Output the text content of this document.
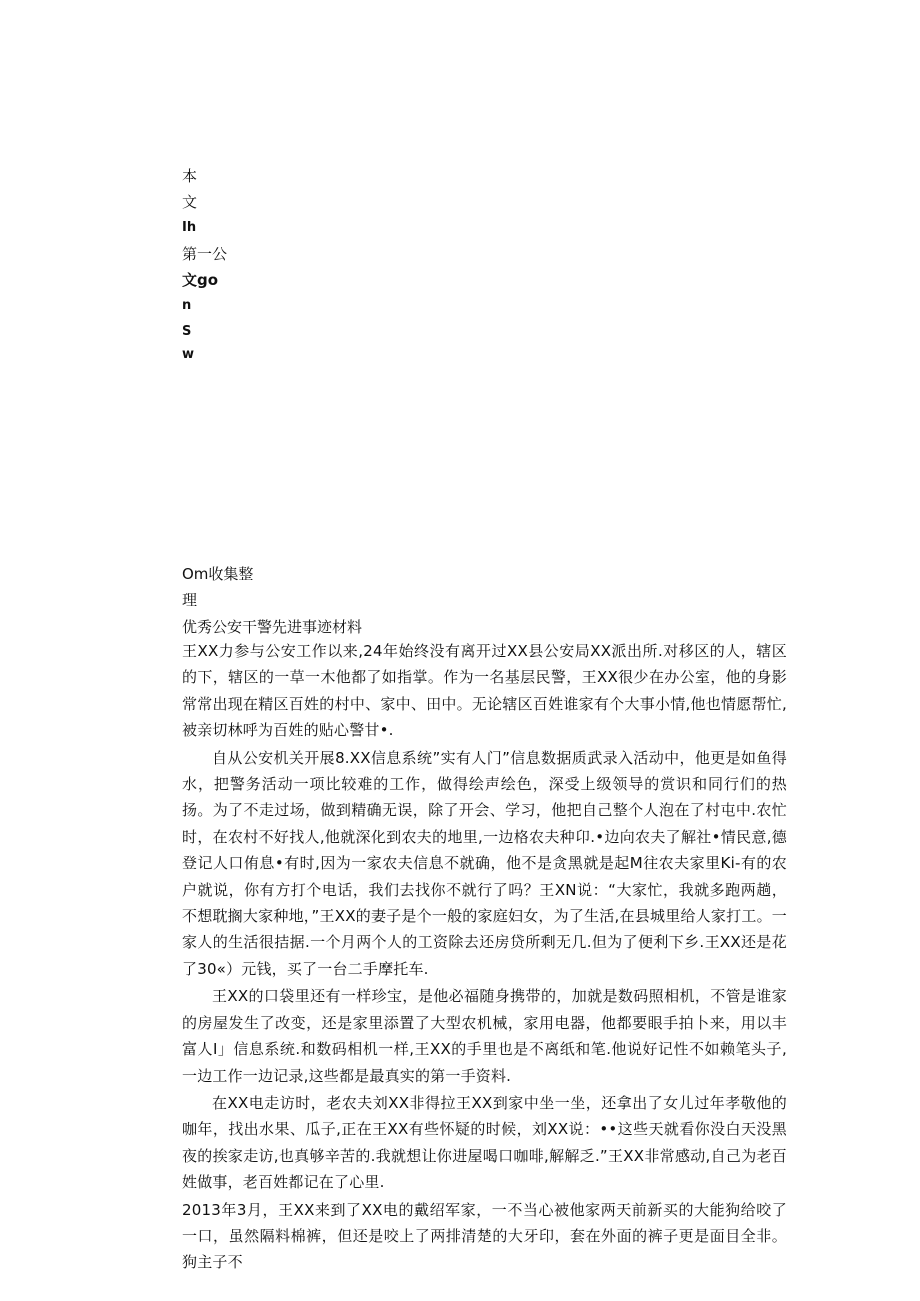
本
文
Ih
第一公
文go
n
S
w
Om收集整
理
优秀公安干警先进事迹材料

王XX力参与公安工作以来,24年始终没有离开过XX县公安局XX派出所.对移区的人，辖区的下，辖区的一草一木他都了如指掌。作为一名基层民警，王XX很少在办公室，他的身影常常出现在精区百姓的村中、家中、田中。无论辖区百姓谁家有个大事小情,他也情愿帮忙,被亲切林呼为百姓的贴心警甘•.

自从公安机关开展8.XX信息系统”实有人门”信息数据质武录入活动中，他更是如鱼得水，把警务活动一项比较难的工作，做得绘声绘色，深受上级领导的赏识和同行们的热扬。为了不走过场，做到精确无误，除了开会、学习，他把自己整个人泡在了村屯中.农忙时，在农村不好找人,他就深化到农夫的地里,一边格农夫种卬.•边向农夫了解社•情民意,德登记人口侑息•有时,因为一家农夫信息不就确，他不是贪黑就是起M往农夫家里Ki-有的农户就说，你有方打个电话，我们去找你不就行了吗？王XN说：“大家忙，我就多跑两趟，不想耽搁大家种地，”王XX的妻子是个一般的家庭妇女，为了生活,在县城里给人家打工。一家人的生活很拮据.一个月两个人的工资除去还房贷所剩无几.但为了便利下乡.王XX还是花了30«）元钱，买了一台二手摩托车.

王XX的口袋里还有一样珍宝，是他必福随身携带的，加就是数码照相机，不管是谁家的房屋发生了改变，还是家里添置了大型农机械，家用电器，他都要眼手拍卜来，用以丰富人I」信息系统.和数码相机一样,王XX的手里也是不离纸和笔.他说好记性不如赖笔头子,一边工作一边记录,这些都是最真实的第一手资料.

在XX电走访时，老农夫刘XX非得拉王XX到家中坐一坐，还拿出了女儿过年孝敬他的咖年，找出水果、瓜子,正在王XX有些怀疑的时候，刘XX说：••这些天就看你没白天没黑夜的挨家走访,也真够辛苦的.我就想让你进屋喝口咖啡,解解乏.”王XX非常感动,自己为老百姓做事，老百姓都记在了心里.

2013年3月，王XX来到了XX电的戴绍军家，一不当心被他家两天前新买的大能狗给咬了一口，虽然隔料棉裤，但还是咬上了两排清楚的大牙印，套在外面的裤子更是面目全非。狗主子不
